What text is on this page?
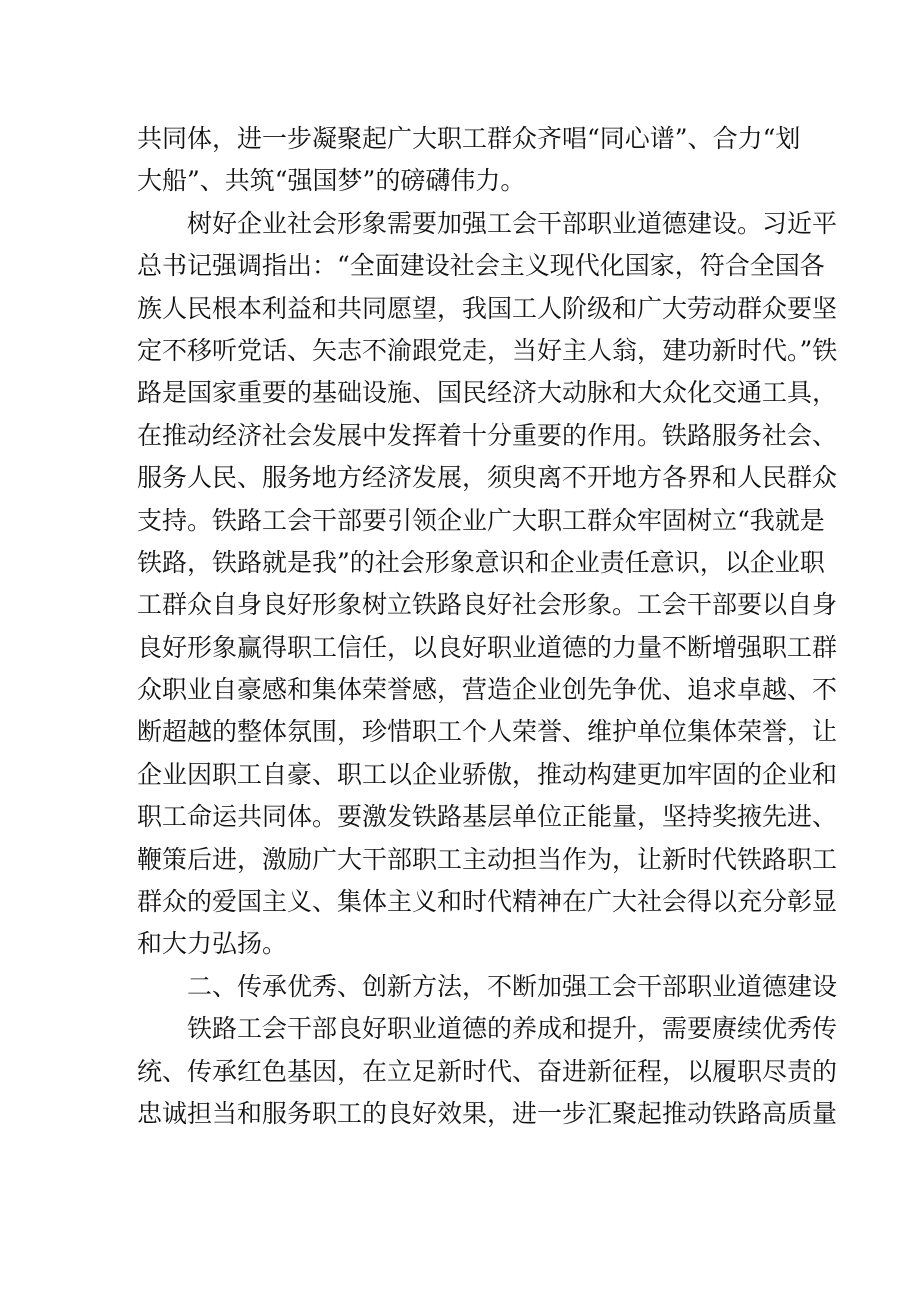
共同体，进一步凝聚起广大职工群众齐唱“同心谱”、合力“划
大船”、共筑“强国梦”的磅礴伟力。
树好企业社会形象需要加强工会干部职业道德建设。习近平
总书记强调指出：“全面建设社会主义现代化国家，符合全国各
族人民根本利益和共同愿望，我国工人阶级和广大劳动群众要坚
定不移听党话、矢志不渝跟党走，当好主人翁，建功新时代。”铁
路是国家重要的基础设施、国民经济大动脉和大众化交通工具，
在推动经济社会发展中发挥着十分重要的作用。铁路服务社会、
服务人民、服务地方经济发展，须臾离不开地方各界和人民群众
支持。铁路工会干部要引领企业广大职工群众牢固树立“我就是
铁路，铁路就是我”的社会形象意识和企业责任意识，以企业职
工群众自身良好形象树立铁路良好社会形象。工会干部要以自身
良好形象赢得职工信任，以良好职业道德的力量不断增强职工群
众职业自豪感和集体荣誉感，营造企业创先争优、追求卓越、不
断超越的整体氛围，珍惜职工个人荣誉、维护单位集体荣誉，让
企业因职工自豪、职工以企业骄傲，推动构建更加牢固的企业和
职工命运共同体。要激发铁路基层单位正能量，坚持奖掖先进、
鞭策后进，激励广大干部职工主动担当作为，让新时代铁路职工
群众的爱国主义、集体主义和时代精神在广大社会得以充分彰显
和大力弘扬。
二、传承优秀、创新方法，不断加强工会干部职业道德建设
铁路工会干部良好职业道德的养成和提升，需要赓续优秀传
统、传承红色基因，在立足新时代、奋进新征程，以履职尽责的
忠诚担当和服务职工的良好效果，进一步汇聚起推动铁路高质量
